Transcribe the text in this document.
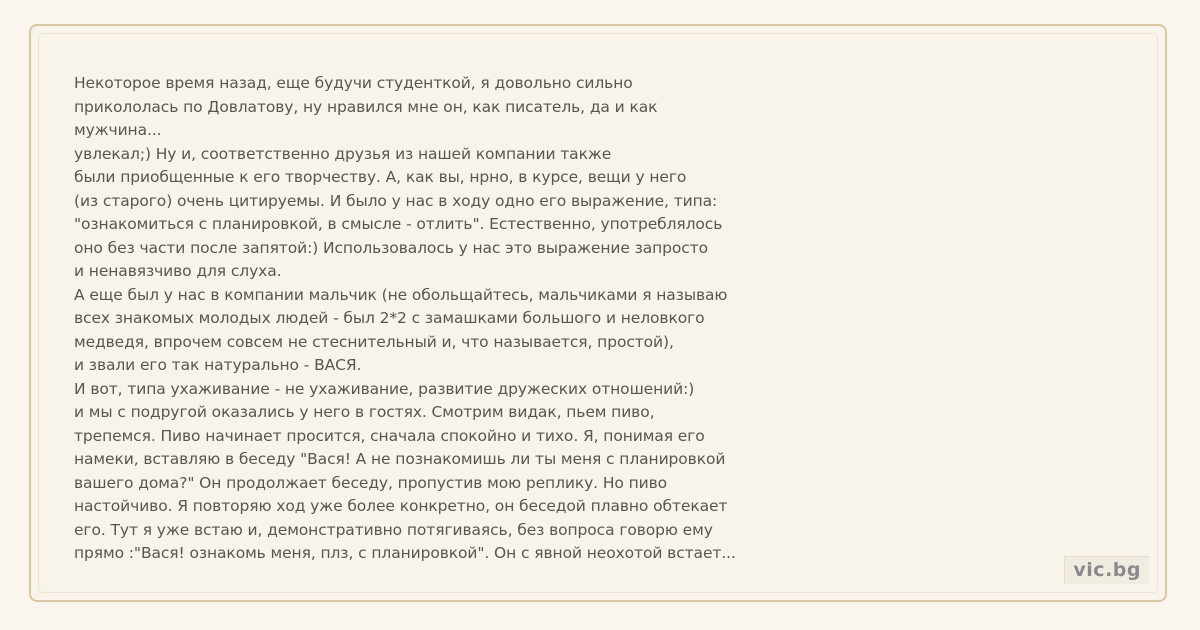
Некоторое время назад, еще будучи студенткой, я довольно сильно
прикололась по Довлатову, ну нравился мне он, как писатель, да и как
мужчина...
увлекал;) Ну и, соответственно друзья из нашей компании также
были приобщенные к его творчеству. А, как вы, нрно, в курсе, вещи у него
(из старого) очень цитируемы. И было у нас в ходу одно его выражение, типа:
"ознакомиться с планировкой, в смысле - отлить". Естественно, употреблялось
оно без части после запятой:) Использовалось у нас это выражение запросто
и ненавязчиво для слуха.
А еще был у нас в компании мальчик (не обольщайтесь, мальчиками я называю
всех знакомых молодых людей - был 2*2 с замашками большого и неловкого
медведя, впрочем совсем не стеснительный и, что называется, простой),
и звали его так натурально - ВАСЯ.
И вот, типа ухаживание - не ухаживание, развитие дружеских отношений:)
и мы с подругой оказались у него в гостях. Смотрим видак, пьем пиво,
трепемся. Пиво начинает просится, сначала спокойно и тихо. Я, понимая его
намеки, вставляю в беседу "Вася! А не познакомишь ли ты меня с планировкой
вашего дома?" Он продолжает беседу, пропустив мою реплику. Но пиво
настойчиво. Я повторяю ход уже более конкретно, он беседой плавно обтекает
его. Тут я уже встаю и, демонстративно потягиваясь, без вопроса говорю ему
прямо :"Вася! ознакомь меня, плз, с планировкой". Он с явной неохотой встает...
vic.bg
